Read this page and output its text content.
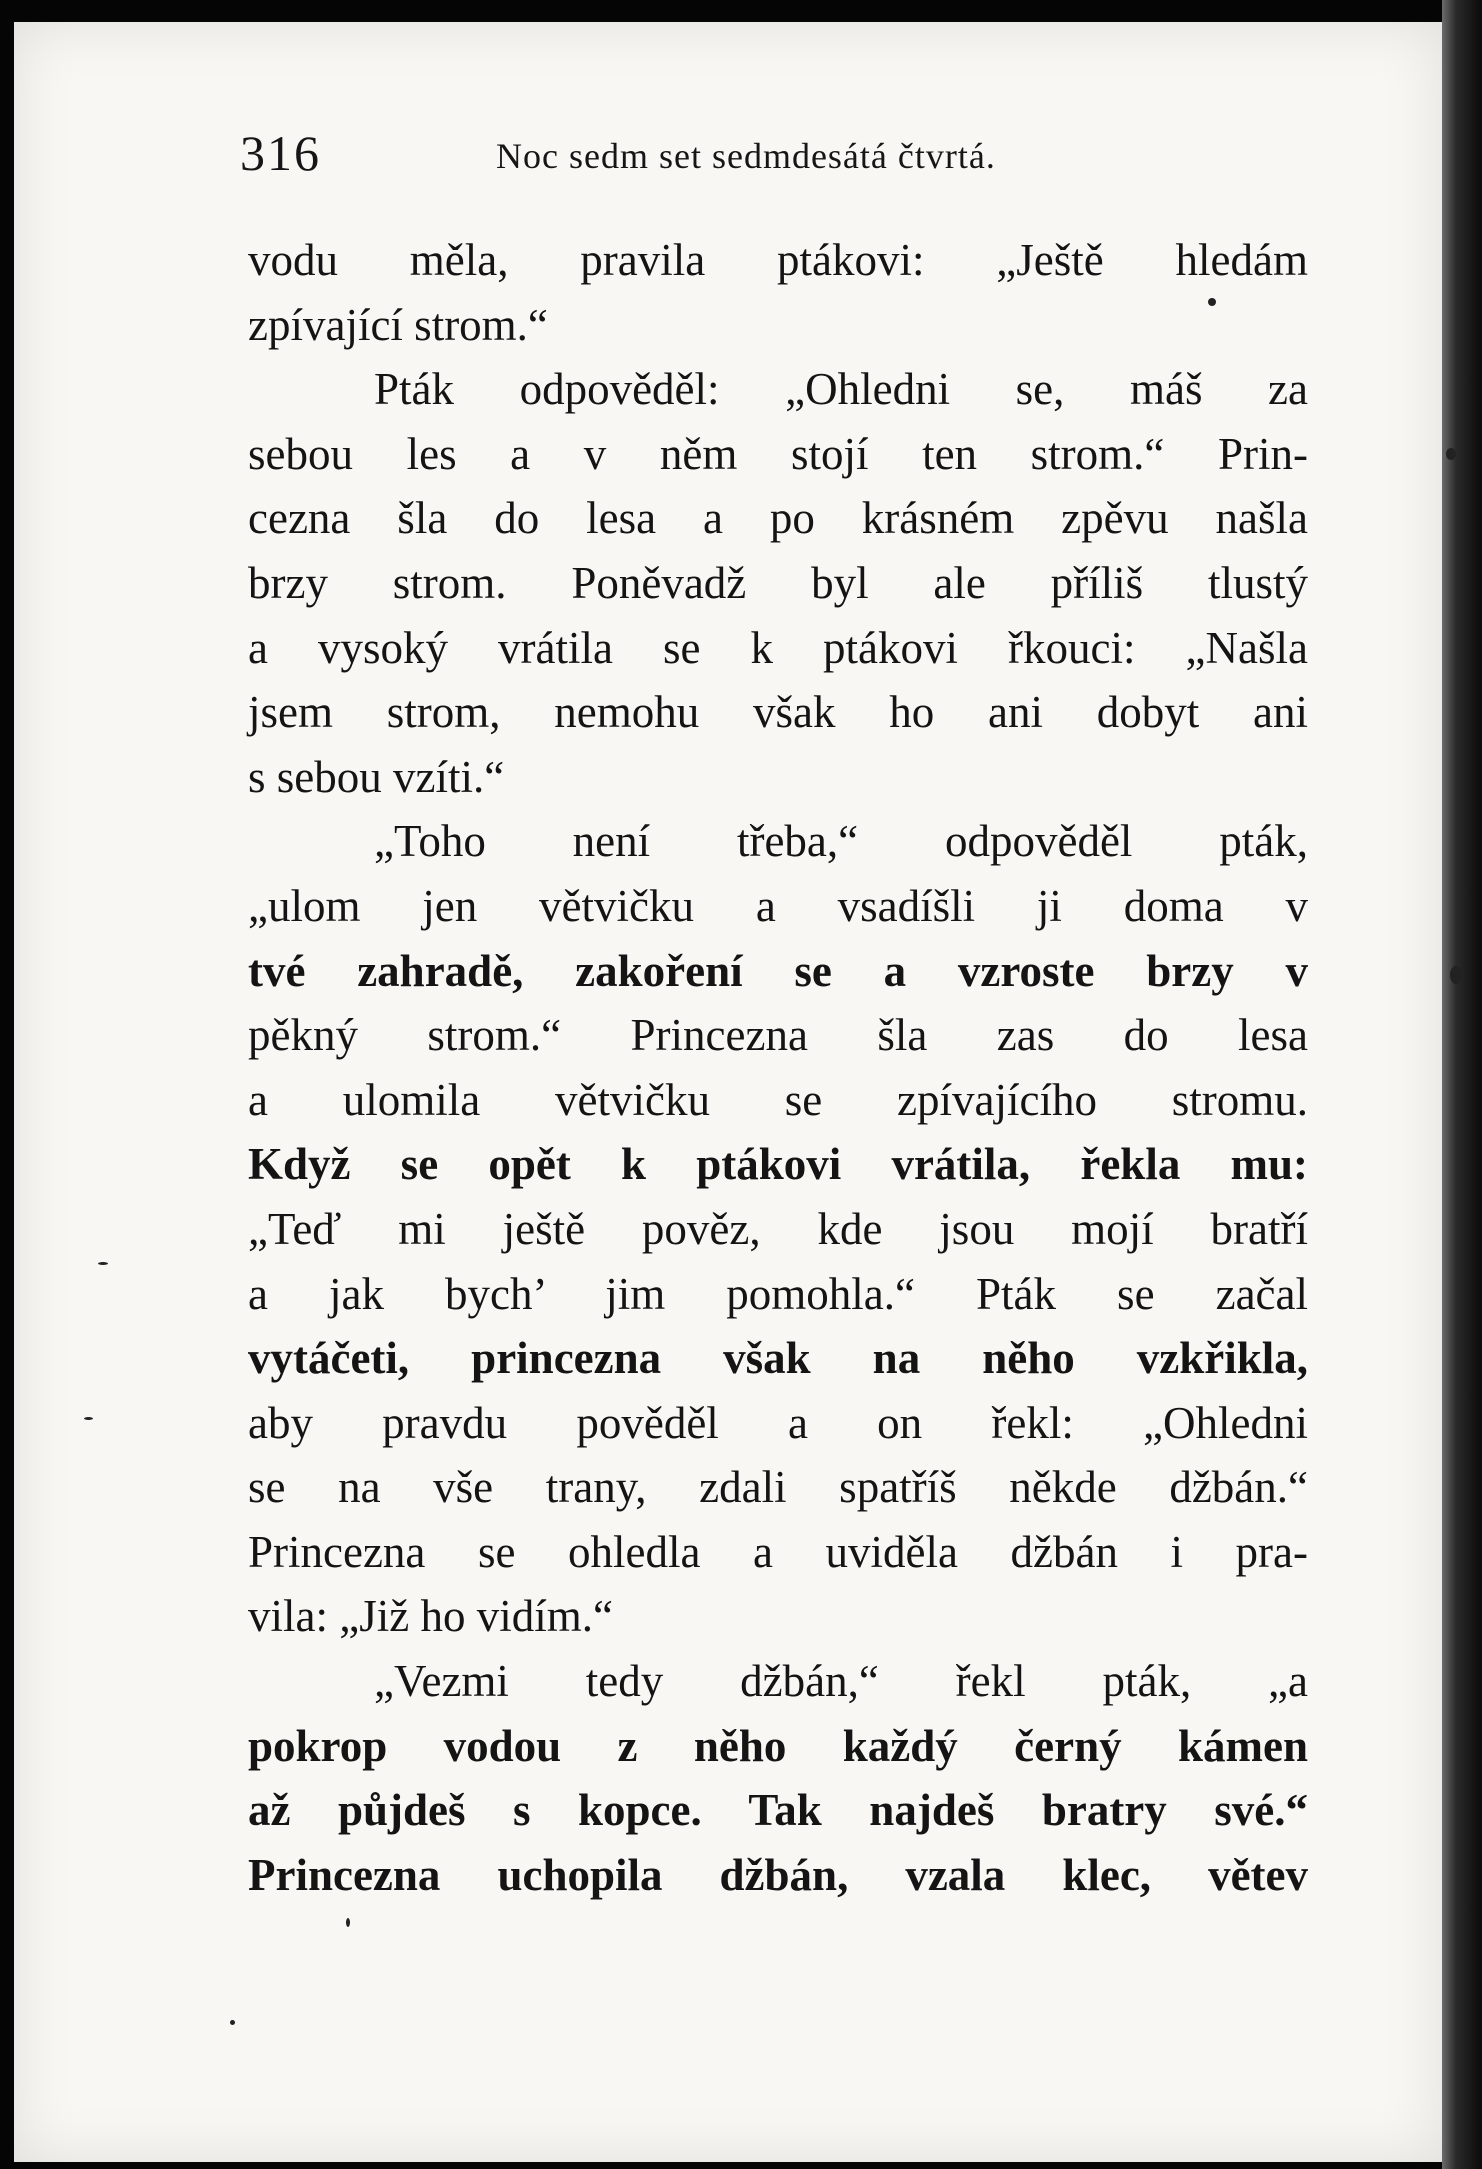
316	Noc sedm set sedmdesátá čtvrtá.
vodu měla, pravila ptákovi: „Ještě hledám
zpívající strom.“
Pták odpověděl: „Ohledni se, máš za
sebou les a v něm stojí ten strom.“ Prin-
cezna šla do lesa a po krásném zpěvu našla
brzy strom. Poněvadž byl ale příliš tlustý
a vysoký vrátila se k ptákovi řkouci: „Našla
jsem strom, nemohu však ho ani dobyt ani
s sebou vzíti.“
„Toho není třeba,“ odpověděl pták,
„ulom jen větvičku a vsadíšli ji doma v
tvé zahradě, zakoření se a vzroste brzy v
pěkný strom.“ Princezna šla zas do lesa
a ulomila větvičku se zpívajícího stromu.
Když se opět k ptákovi vrátila, řekla mu:
„Teď mi ještě pověz, kde jsou mojí bratří
a jak bych’ jim pomohla.“ Pták se začal
vytáčeti, princezna však na něho vzkřikla,
aby pravdu pověděl a on řekl: „Ohledni
se na vše trany, zdali spatříš někde džbán.“
Princezna se ohledla a uviděla džbán i pra-
vila: „Již ho vidím.“
„Vezmi tedy džbán,“ řekl pták, „a
pokrop vodou z něho každý černý kámen
až půjdeš s kopce. Tak najdeš bratry své.“
Princezna uchopila džbán, vzala klec, větev
